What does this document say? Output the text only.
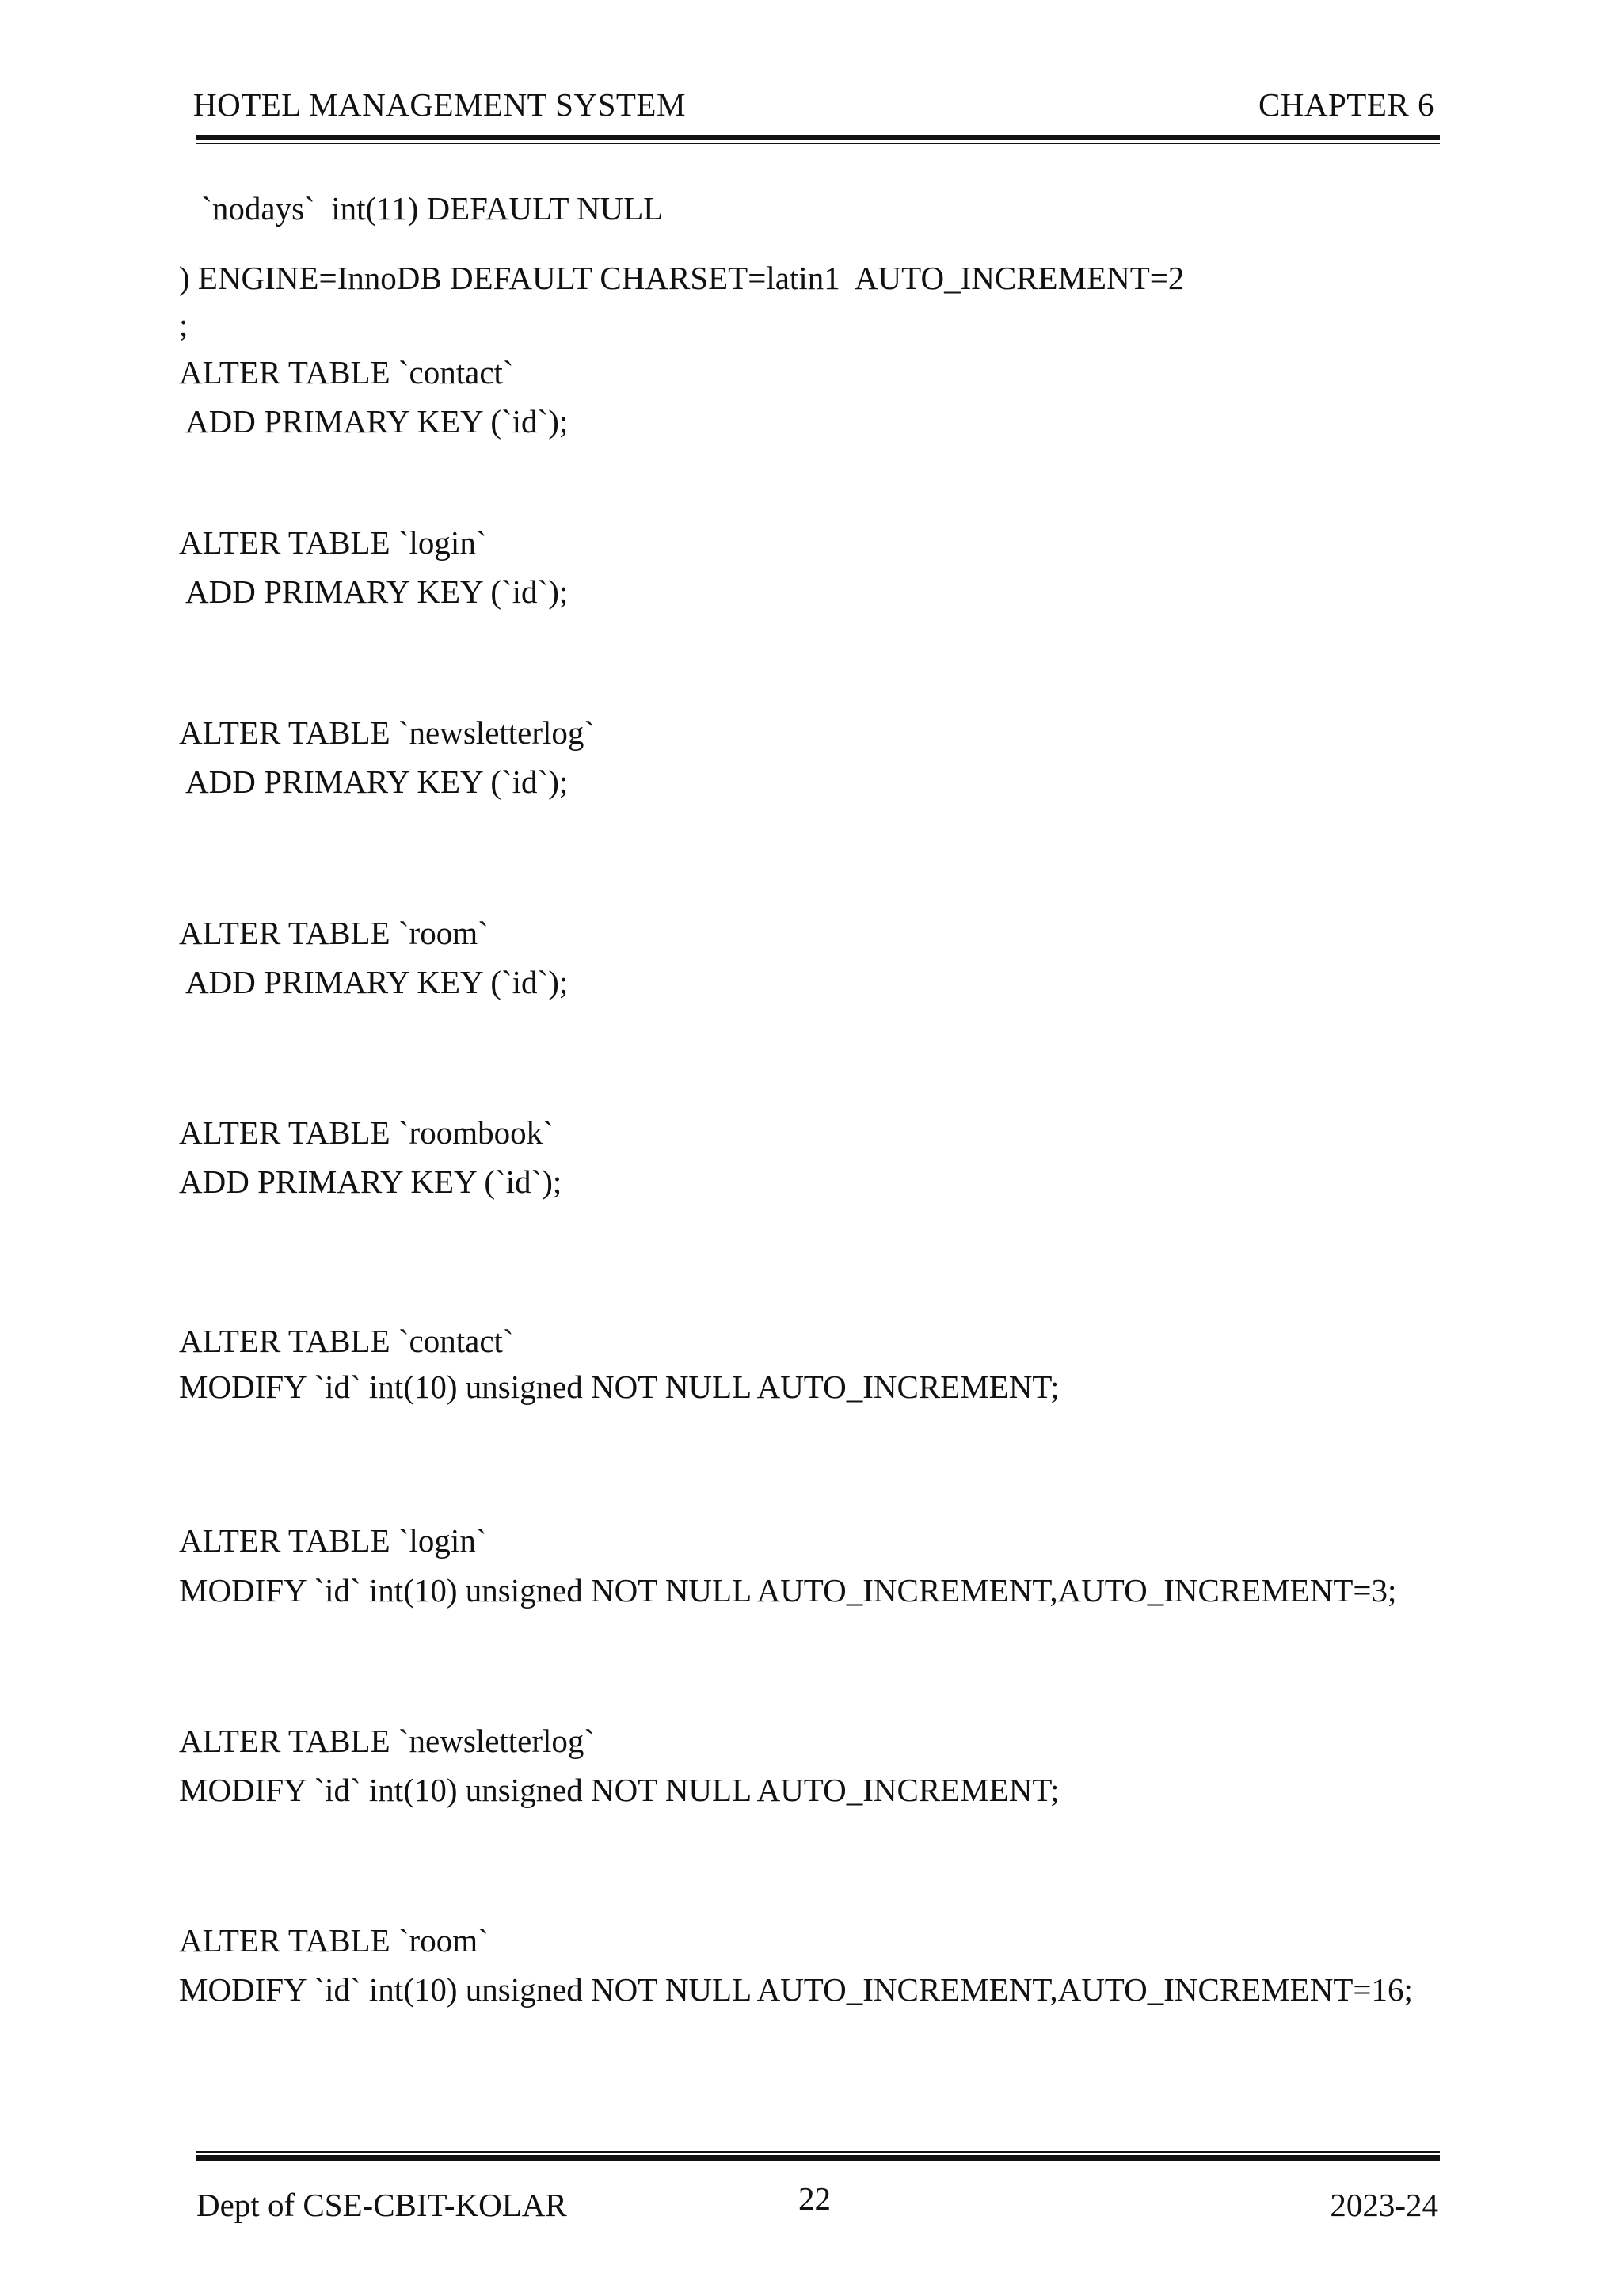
HOTEL MANAGEMENT SYSTEM	CHAPTER 6
`nodays`  int(11) DEFAULT NULL
) ENGINE=InnoDB DEFAULT CHARSET=latin1  AUTO_INCREMENT=2
;
ALTER TABLE `contact`
ADD PRIMARY KEY (`id`);
ALTER TABLE `login`
ADD PRIMARY KEY (`id`);
ALTER TABLE `newsletterlog`
ADD PRIMARY KEY (`id`);
ALTER TABLE `room`
ADD PRIMARY KEY (`id`);
ALTER TABLE `roombook`
ADD PRIMARY KEY (`id`);
ALTER TABLE `contact`
MODIFY `id` int(10) unsigned NOT NULL AUTO_INCREMENT;
ALTER TABLE `login`
MODIFY `id` int(10) unsigned NOT NULL AUTO_INCREMENT,AUTO_INCREMENT=3;
ALTER TABLE `newsletterlog`
MODIFY `id` int(10) unsigned NOT NULL AUTO_INCREMENT;
ALTER TABLE `room`
MODIFY `id` int(10) unsigned NOT NULL AUTO_INCREMENT,AUTO_INCREMENT=16;
Dept of CSE-CBIT-KOLAR	22	2023-24
